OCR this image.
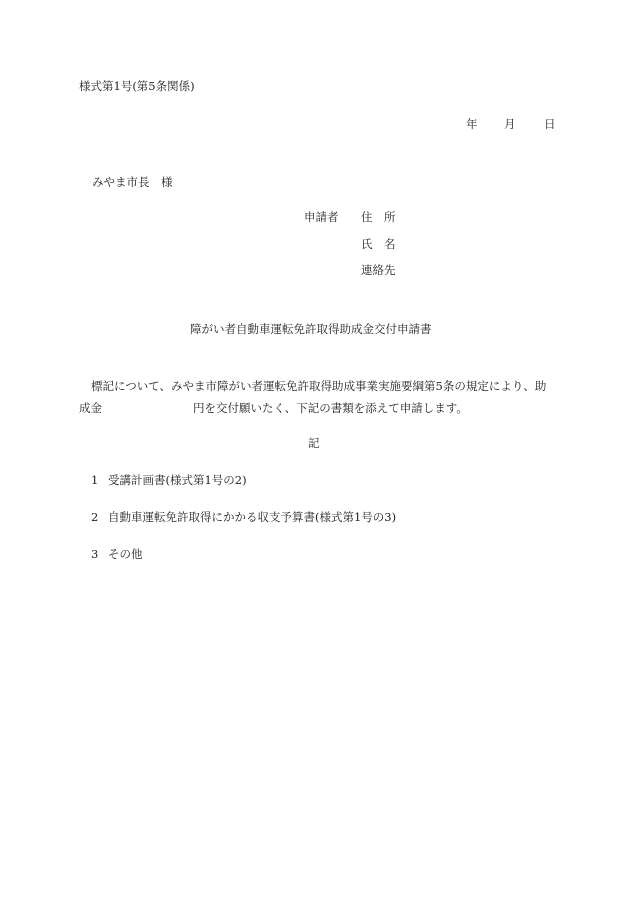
様式第1号(第5条関係)
年 月 日
みやま市長　様
申請者 住　所
氏　名
連絡先
障がい者自動車運転免許取得助成金交付申請書
標記について、みやま市障がい者運転免許取得助成事業実施要綱第5条の規定により、助
成金	円を交付願いたく、下記の書類を添えて申請します。
記
1 受講計画書(様式第1号の2)
2 自動車運転免許取得にかかる収支予算書(様式第1号の3)
3 その他
